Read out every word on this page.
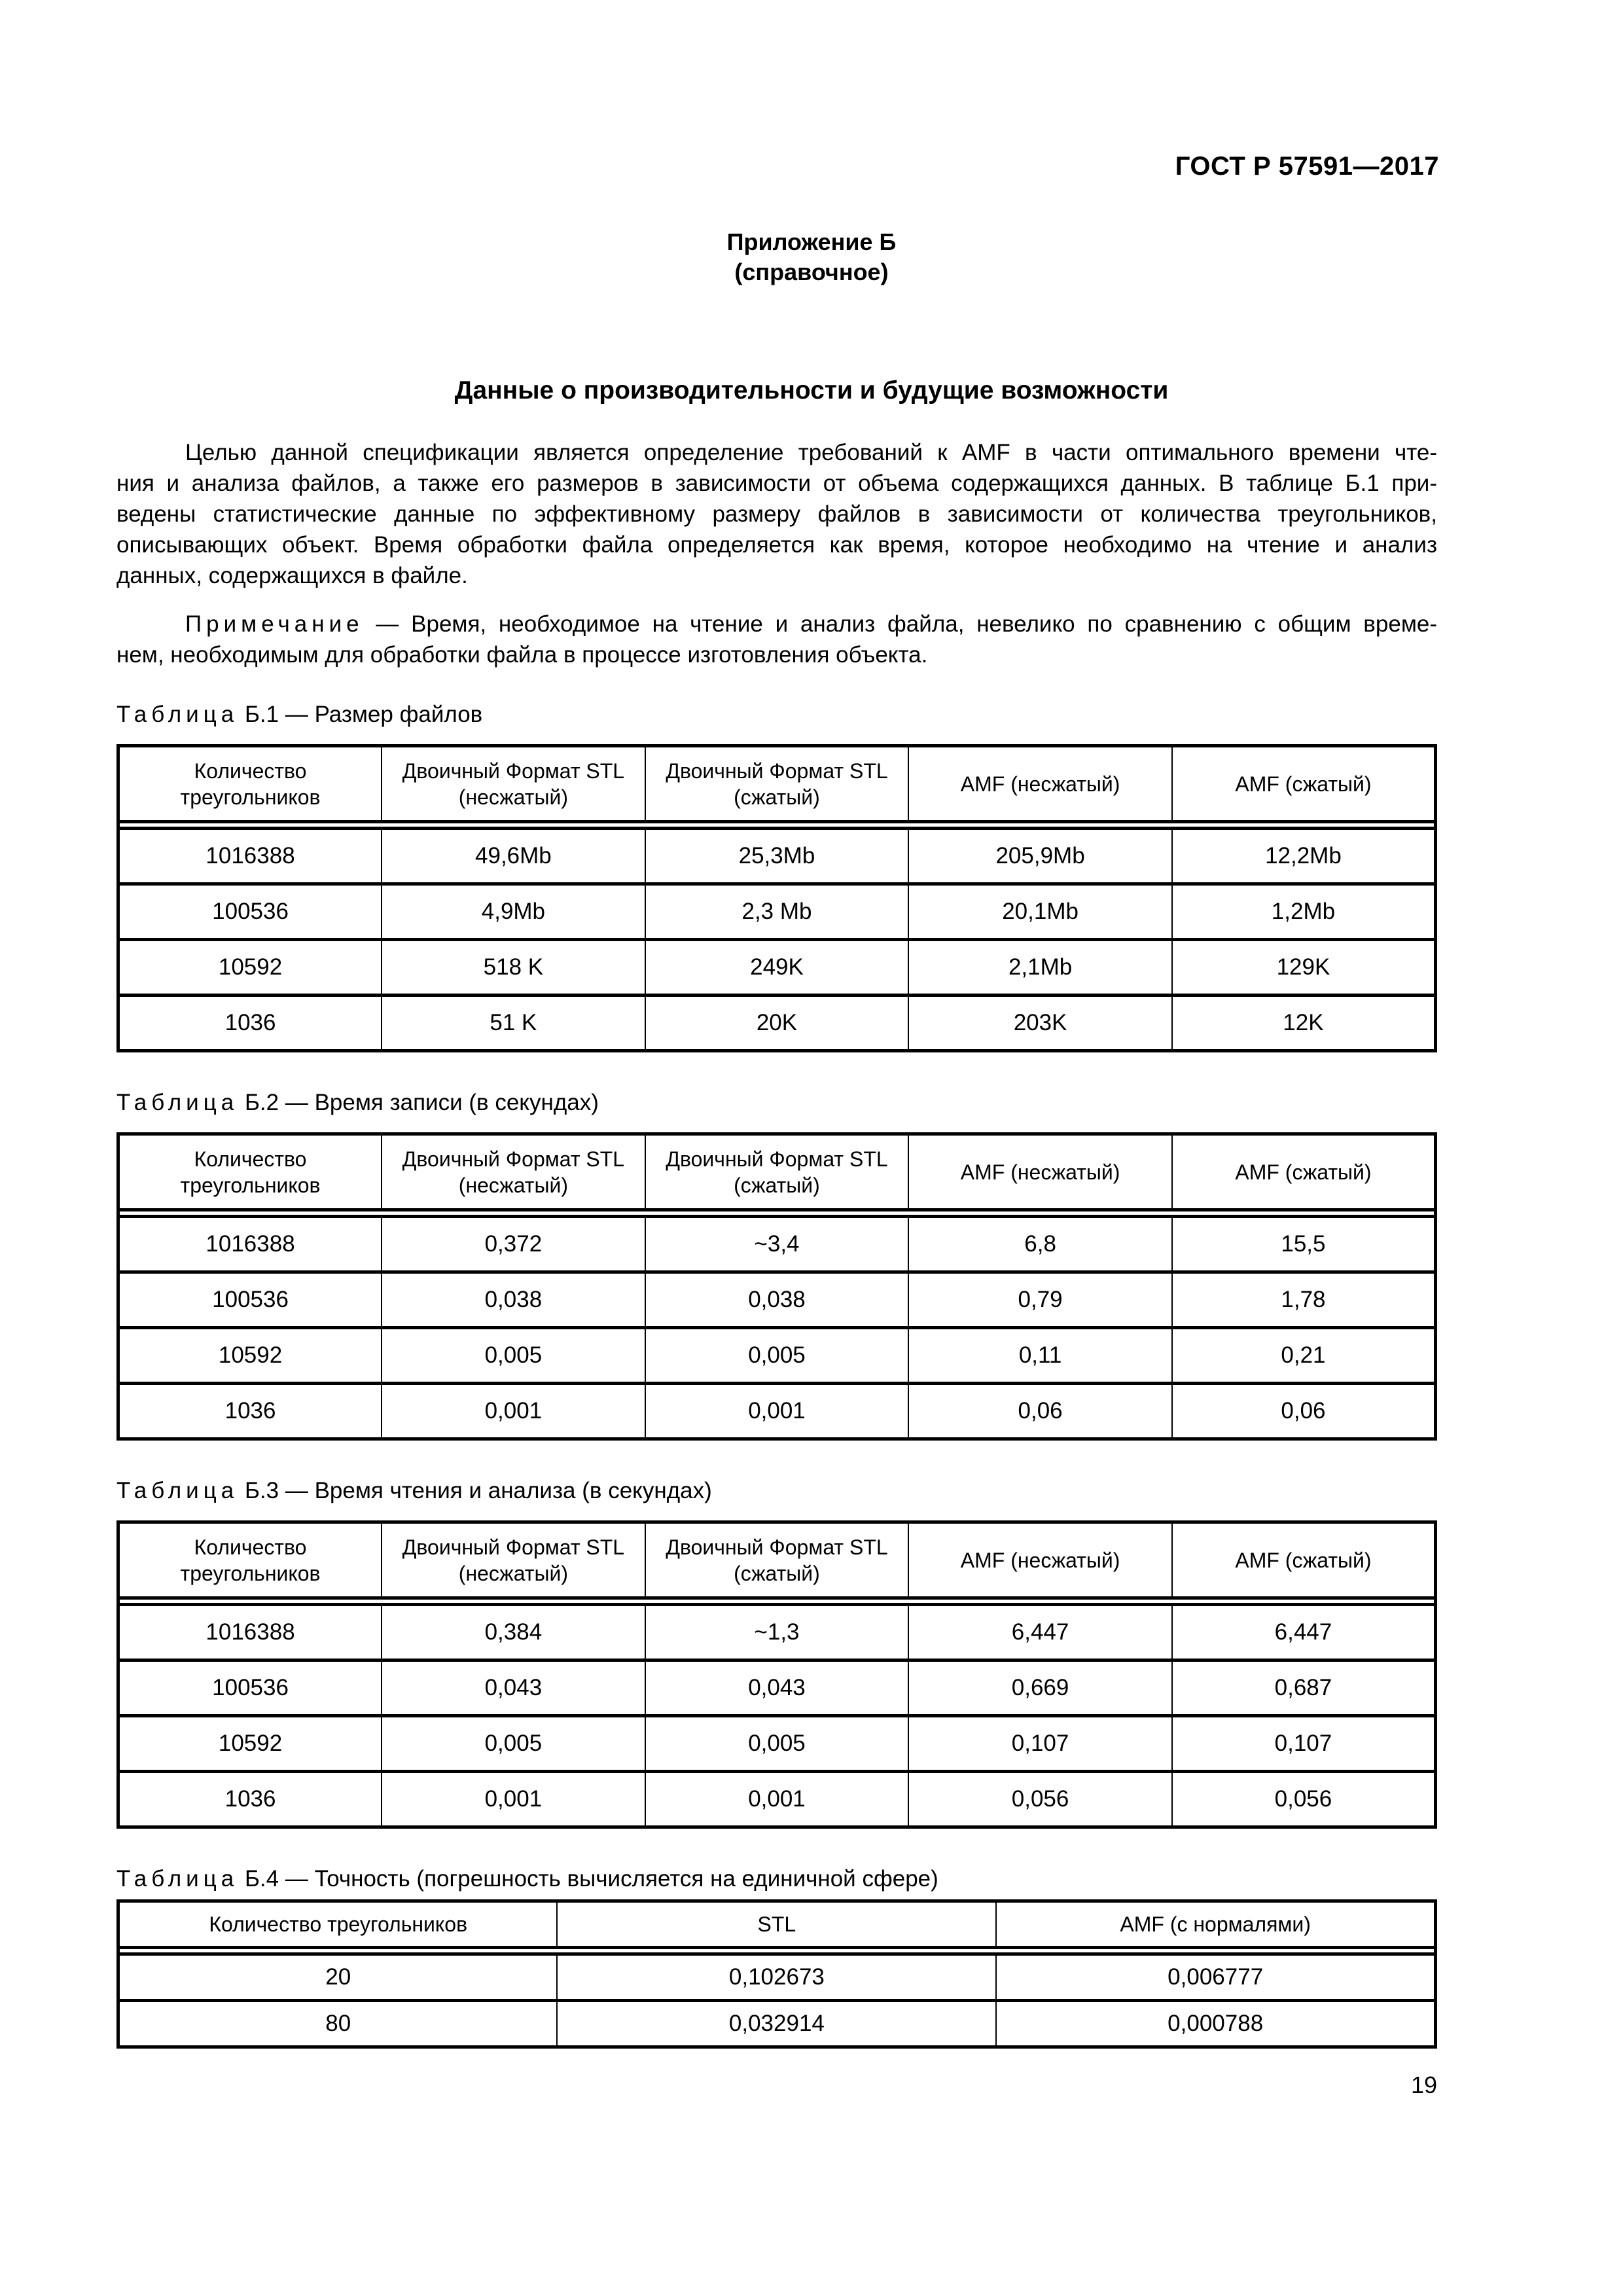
ГОСТ Р 57591—2017
Приложение Б
(справочное)
Данные о производительности и будущие возможности
Целью данной спецификации является определение требований к AMF в части оптимального времени чте-
ния и анализа файлов, а также его размеров в зависимости от объема содержащихся данных. В таблице Б.1 при-
ведены статистические данные по эффективному размеру файлов в зависимости от количества треугольников,
описывающих объект. Время обработки файла определяется как время, которое необходимо на чтение и анализ
данных, содержащихся в файле.
Примечание — Время, необходимое на чтение и анализ файла, невелико по сравнению с общим време-
нем, необходимым для обработки файла в процессе изготовления объекта.
Таблица Б.1 — Размер файлов
Количество треугольников	Двоичный Формат STL (несжатый)	Двоичный Формат STL (сжатый)	AMF (несжатый)	AMF (сжатый)

1016388	49,6Mb	25,3Mb	205,9Mb	12,2Mb
100536	4,9Mb	2,3 Mb	20,1Mb	1,2Mb
10592	518 K	249K	2,1Mb	129K
1036	51 K	20K	203K	12K
Таблица Б.2 — Время записи (в секундах)
Количество треугольников	Двоичный Формат STL (несжатый)	Двоичный Формат STL (сжатый)	AMF (несжатый)	AMF (сжатый)

1016388	0,372	~3,4	6,8	15,5
100536	0,038	0,038	0,79	1,78
10592	0,005	0,005	0,11	0,21
1036	0,001	0,001	0,06	0,06
Таблица Б.3 — Время чтения и анализа (в секундах)
Количество треугольников	Двоичный Формат STL (несжатый)	Двоичный Формат STL (сжатый)	AMF (несжатый)	AMF (сжатый)

1016388	0,384	~1,3	6,447	6,447
100536	0,043	0,043	0,669	0,687
10592	0,005	0,005	0,107	0,107
1036	0,001	0,001	0,056	0,056
Таблица Б.4 — Точность (погрешность вычисляется на единичной сфере)
Количество треугольников	STL	AMF (с нормалями)

20	0,102673	0,006777
80	0,032914	0,000788
19
